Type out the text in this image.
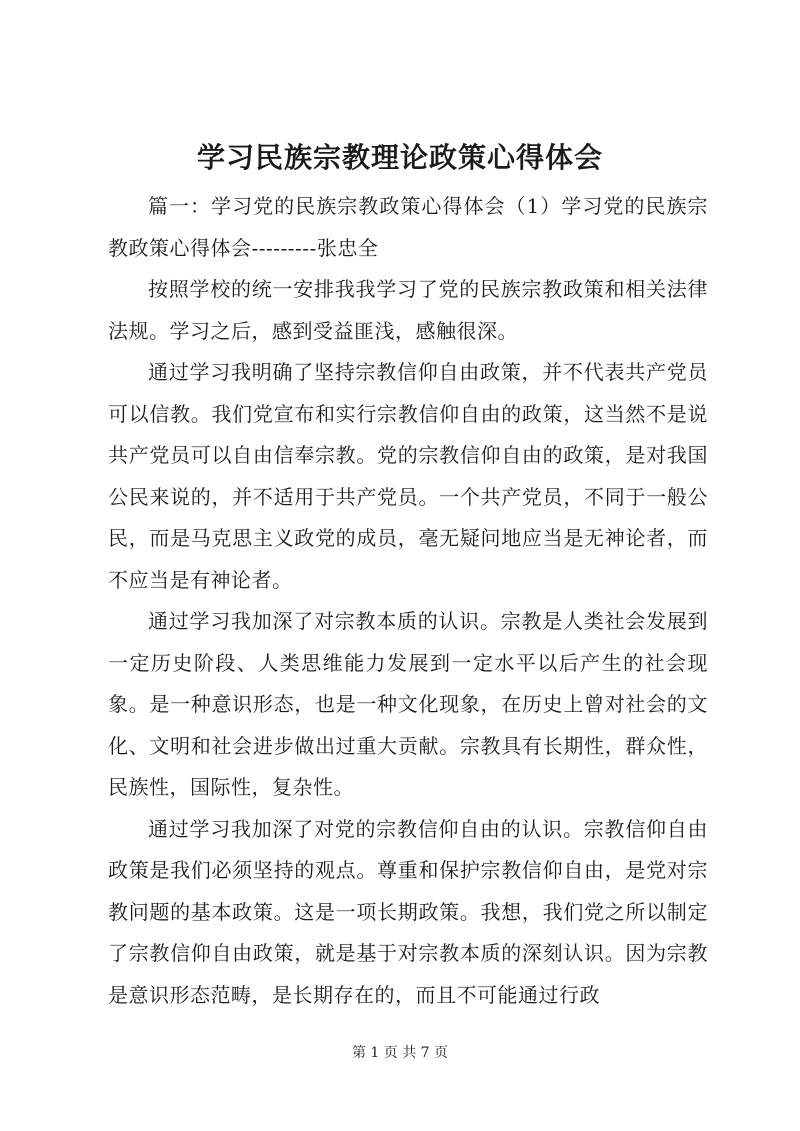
学习民族宗教理论政策心得体会

篇一：学习党的民族宗教政策心得体会（1）学习党的民族宗教政策心得体会---------张忠全

按照学校的统一安排我我学习了党的民族宗教政策和相关法律法规。学习之后，感到受益匪浅，感触很深。

通过学习我明确了坚持宗教信仰自由政策，并不代表共产党员可以信教。我们党宣布和实行宗教信仰自由的政策，这当然不是说共产党员可以自由信奉宗教。党的宗教信仰自由的政策，是对我国公民来说的，并不适用于共产党员。一个共产党员，不同于一般公民，而是马克思主义政党的成员，毫无疑问地应当是无神论者，而不应当是有神论者。

通过学习我加深了对宗教本质的认识。宗教是人类社会发展到一定历史阶段、人类思维能力发展到一定水平以后产生的社会现象。是一种意识形态，也是一种文化现象，在历史上曾对社会的文化、文明和社会进步做出过重大贡献。宗教具有长期性，群众性，民族性，国际性，复杂性。

通过学习我加深了对党的宗教信仰自由的认识。宗教信仰自由政策是我们必须坚持的观点。尊重和保护宗教信仰自由，是党对宗教问题的基本政策。这是一项长期政策。我想，我们党之所以制定了宗教信仰自由政策，就是基于对宗教本质的深刻认识。因为宗教是意识形态范畴，是长期存在的，而且不可能通过行政

第 1 页 共 7 页
